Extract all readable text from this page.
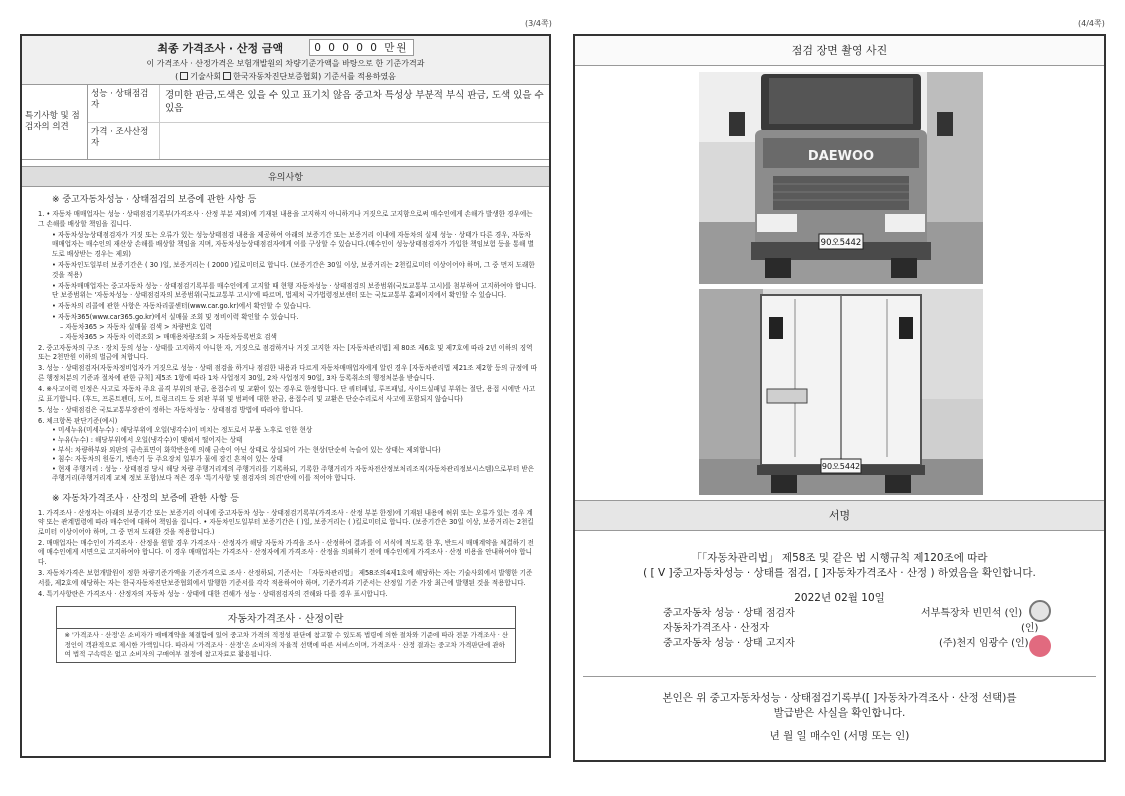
(3/4쪽)	(4/4쪽)
최종 가격조사 · 산정 금액	0 0 0 0 0 만원
이 가격조사 · 산정가격은 보험개발원의 차량기준가액을 바탕으로 한 기준가격과
( 기술사회 한국자동차진단보증협회) 기준서를 적용하였음
특기사항 및 점검자의 의견
성능 · 상태점검자
경미한 판금,도색은 있을 수 있고 표기치 않음 중고차 특성상 부분적 부식 판금, 도색 있을 수 있음
가격 · 조사산정자
유의사항
※ 중고자동차성능 · 상태점검의 보증에 관한 사항 등

1. • 자동차 매매업자는 성능 · 상태점검기록부(가격조사 · 산정 부분 제외)에 기재된 내용을 고지하지 아니하거나 거짓으로 고지함으로써 매수인에게 손해가 발생한 경우에는 그 손해를 배상할 책임을 집니다.

• 자동차성능상태점검자가 거짓 또는 오류가 있는 성능상태점검 내용을 제공하여 아래의 보증기간 또는 보증거리 이내에 자동차의 실제 성능 · 상태가 다른 경우, 자동차매매업자는 매수인의 재산상 손해를 배상할 책임을 지며, 자동차성능상태점검자에게 이를 구상할 수 있습니다.(매수인이 성능상태점검자가 가입한 책임보험 등을 통해 별도로 배상받는 경우는 제외)

• 자동차인도일부터 보증기간은 ( 30 )일, 보증거리는 ( 2000 )킬로미터로 합니다. (보증기간은 30일 이상, 보증거리는 2천킬로미터 이상이어야 하며, 그 중 먼저 도래한 것을 적용)

• 자동차매매업자는 중고자동차 성능 · 상태점검기록부를 매수인에게 고지할 때 현행 자동차성능 · 상태점검의 보증범위(국토교통부 고시)를 첨부하여 고지하여야 합니다. 단 보증범위는 '자동차성능 · 상태점검자의 보증범위(국토교통부 고시)'에 따르며, 법제처 국가법령정보센터 또는 국토교통부 홈페이지에서 확인할 수 있습니다.

• 자동차의 리콜에 관한 사항은 자동차리콜센터(www.car.go.kr)에서 확인할 수 있습니다.

• 자동차365(www.car365.go.kr)에서 실매물 조회 및 정비이력 확인할 수 있습니다.

– 자동차365 > 자동차 실매물 검색 > 차량번호 입력

– 자동차365 > 자동차 이력조회 > 매매용차량조회 > 자동차등록번호 검색

2. 중고자동차의 구조 · 장치 등의 성능 · 상태를 고지하지 아니한 자, 거짓으로 점검하거나 거짓 고지한 자는 [자동차관리법] 제 80조 제6호 및 제7호에 따라 2년 이하의 징역 또는 2천만원 이하의 벌금에 처합니다.

3. 성능 · 상태점검자(자동차정비업자가 거짓으로 성능 · 상태 점검을 하거나 점검한 내용과 다르게 자동차매매업자에게 알린 경우 [자동차관리법 제21조 제2항 등의 규정에 따른 행정처분의 기준과 절차에 관한 규칙] 제5조 1항에 따라 1차 사업정지 30일, 2차 사업정지 90일, 3차 등록취소의 행정처분을 받습니다.

4. ※사고이력 인정은 사고로 자동차 주요 골격 부위의 판금, 용접수리 및 교환이 있는 경우로 한정합니다. 단 쿼터패널, 루프패널, 사이드실패널 부위는 절단, 용접 시에만 사고로 표기합니다. (후드, 프론트펜더, 도어, 트렁크리드 등 외판 부위 및 범퍼에 대한 판금, 용접수리 및 교환은 단순수리로서 사고에 포함되지 않습니다)

5. 성능 · 상태점검은 국토교통부장관이 정하는 자동차성능 · 상태점검 방법에 따라야 합니다.

6. 체크항목 판단기준(예시)

• 미세누유(미세누수) : 해당부위에 오일(냉각수)이 비치는 정도로서 부품 노후로 인한 현상

• 누유(누수) : 해당부위에서 오일(냉각수)이 맺혀서 떨어지는 상태

• 부식: 차량하부와 외판의 금속표면이 화학반응에 의해 금속이 아닌 상태로 상실되어 가는 현상(단순히 녹슬어 있는 상태는 제외합니다)

• 침수: 자동차의 원동기, 변속기 등 주요장치 일부가 물에 잠긴 흔적이 있는 상태

• 현재 주행거리 : 성능 · 상태점검 당시 해당 차량 주행거리계의 주행거리를 기록하되, 기록한 주행거리가 자동차전산정보처리조직(자동차관리정보시스템)으로부터 받은 주행거리(주행거리계 교체 정보 포함)보다 적은 경우 '특기사항 및 점검자의 의견'란에 이를 적어야 합니다.

※ 자동차가격조사 · 산정의 보증에 관한 사항 등

1. 가격조사 · 산정자는 아래의 보증기간 또는 보증거리 이내에 중고자동차 성능 · 상태점검기록부(가격조사 · 산정 부분 한정)에 기재된 내용에 허위 또는 오류가 있는 경우 계약 또는 관계법령에 따라 매수인에 대하여 책임을 집니다. • 자동차인도일부터 보증기간은 ( )일, 보증거리는 ( )킬로미터로 합니다. (보증기간은 30일 이상, 보증거리는 2천킬로미터 이상이어야 하며, 그 중 먼저 도래한 것을 적용합니다.)

2. 매매업자는 매수인이 가격조사 · 산정을 원할 경우 가격조사 · 산정자가 해당 자동차 가격을 조사 · 산정하여 결과를 이 서식에 적도록 한 후, 반드시 매매계약을 체결하기 전에 매수인에게 서면으로 고지하여야 합니다. 이 경우 매매업자는 가격조사 · 산정자에게 가격조사 · 산정을 의뢰하기 전에 매수인에게 가격조사 · 산정 비용을 안내하여야 합니다.

3. 자동차가격은 보험개발원이 정한 차량기준가액을 기준가격으로 조사 · 산정하되, 기준서는 「자동차관리법」 제58조의4제1호에 해당하는 자는 기술사회에서 발행한 기준서를, 제2호에 해당하는 자는 한국자동차진단보증협회에서 발행한 기준서를 각각 적용하여야 하며, 기준가격과 기준서는 산정일 기준 가장 최근에 발행된 것을 적용합니다.

4. 특기사항란은 가격조사 · 산정자의 자동차 성능 · 상태에 대한 견해가 성능 · 상태점검자의 견해와 다를 경우 표시합니다.

자동차가격조사 · 산정이란
※ '가격조사 · 산정'은 소비자가 매매계약을 체결함에 있어 중고차 가격의 적정성 판단에 참고할 수 있도록 법령에 의한 절차와 기준에 따라 전문 가격조사 · 산정인이 객관적으로 제시한 가액입니다. 따라서 '가격조사 · 산정'은 소비자의 자율적 선택에 따른 서비스이며, 가격조사 · 산정 결과는 중고차 가격판단에 관하여 법적 구속력은 없고 소비자의 구매여부 결정에 참고자료로 활용됩니다.
점검 장면 촬영 사진
DAEWOO
90오5442
90오5442
서명
「「자동차관리법」 제58조 및 같은 법 시행규칙 제120조에 따라
( [ V ]중고자동차성능 · 상태를 점검, [ ]자동차가격조사 · 산정 ) 하였음을 확인합니다.
2022년 02월 10일
중고자동차 성능 · 상태 점검자
자동차가격조사 · 산정자
중고자동차 성능 · 상태 고지자
서부특장차 빈민석 (인)
(인)
(주)천지 임광수 (인)
본인은 위 중고자동차성능 · 상태점검기록부([ ]자동차가격조사 · 산정 선택)를
발급받은 사실을 확인합니다.
년 월 일 매수인 (서명 또는 인)
